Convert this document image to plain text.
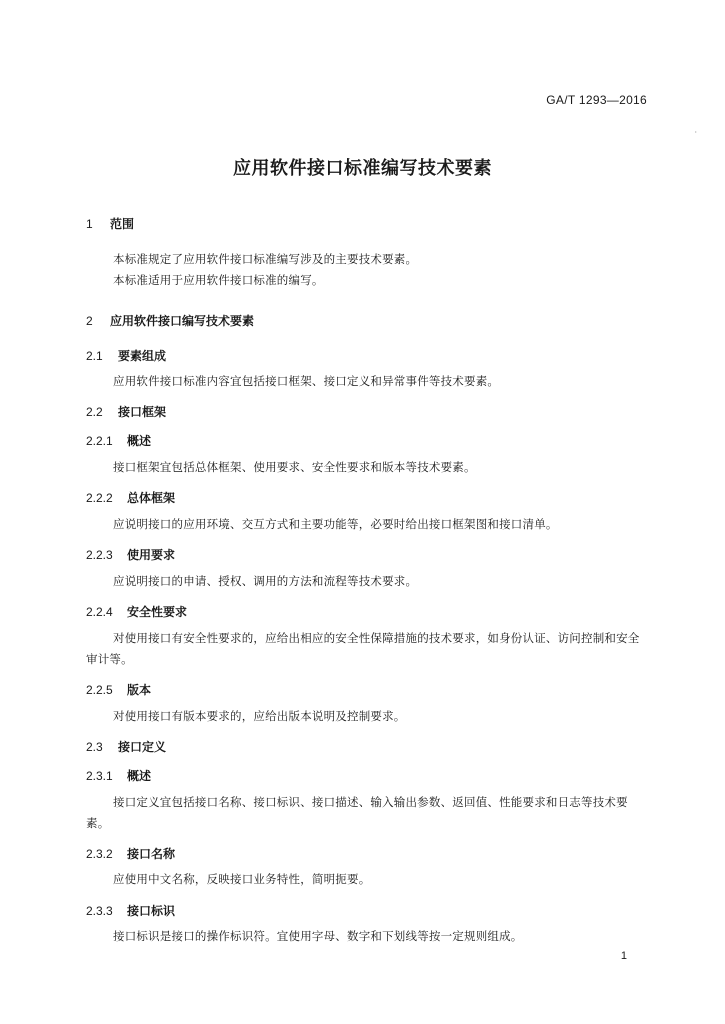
GA/T 1293—2016
·
应用软件接口标准编写技术要素
1 范围
本标准规定了应用软件接口标准编写涉及的主要技术要素。
本标准适用于应用软件接口标准的编写。
2 应用软件接口编写技术要素
2.1 要素组成
应用软件接口标准内容宜包括接口框架、接口定义和异常事件等技术要素。
2.2 接口框架
2.2.1 概述
接口框架宜包括总体框架、使用要求、安全性要求和版本等技术要素。
2.2.2 总体框架
应说明接口的应用环境、交互方式和主要功能等，必要时给出接口框架图和接口清单。
2.2.3 使用要求
应说明接口的申请、授权、调用的方法和流程等技术要求。
2.2.4 安全性要求
对使用接口有安全性要求的，应给出相应的安全性保障措施的技术要求，如身份认证、访问控制和安全审计等。
2.2.5 版本
对使用接口有版本要求的，应给出版本说明及控制要求。
2.3 接口定义
2.3.1 概述
接口定义宜包括接口名称、接口标识、接口描述、输入输出参数、返回值、性能要求和日志等技术要素。
2.3.2 接口名称
应使用中文名称，反映接口业务特性，简明扼要。
2.3.3 接口标识
接口标识是接口的操作标识符。宜使用字母、数字和下划线等按一定规则组成。
1
